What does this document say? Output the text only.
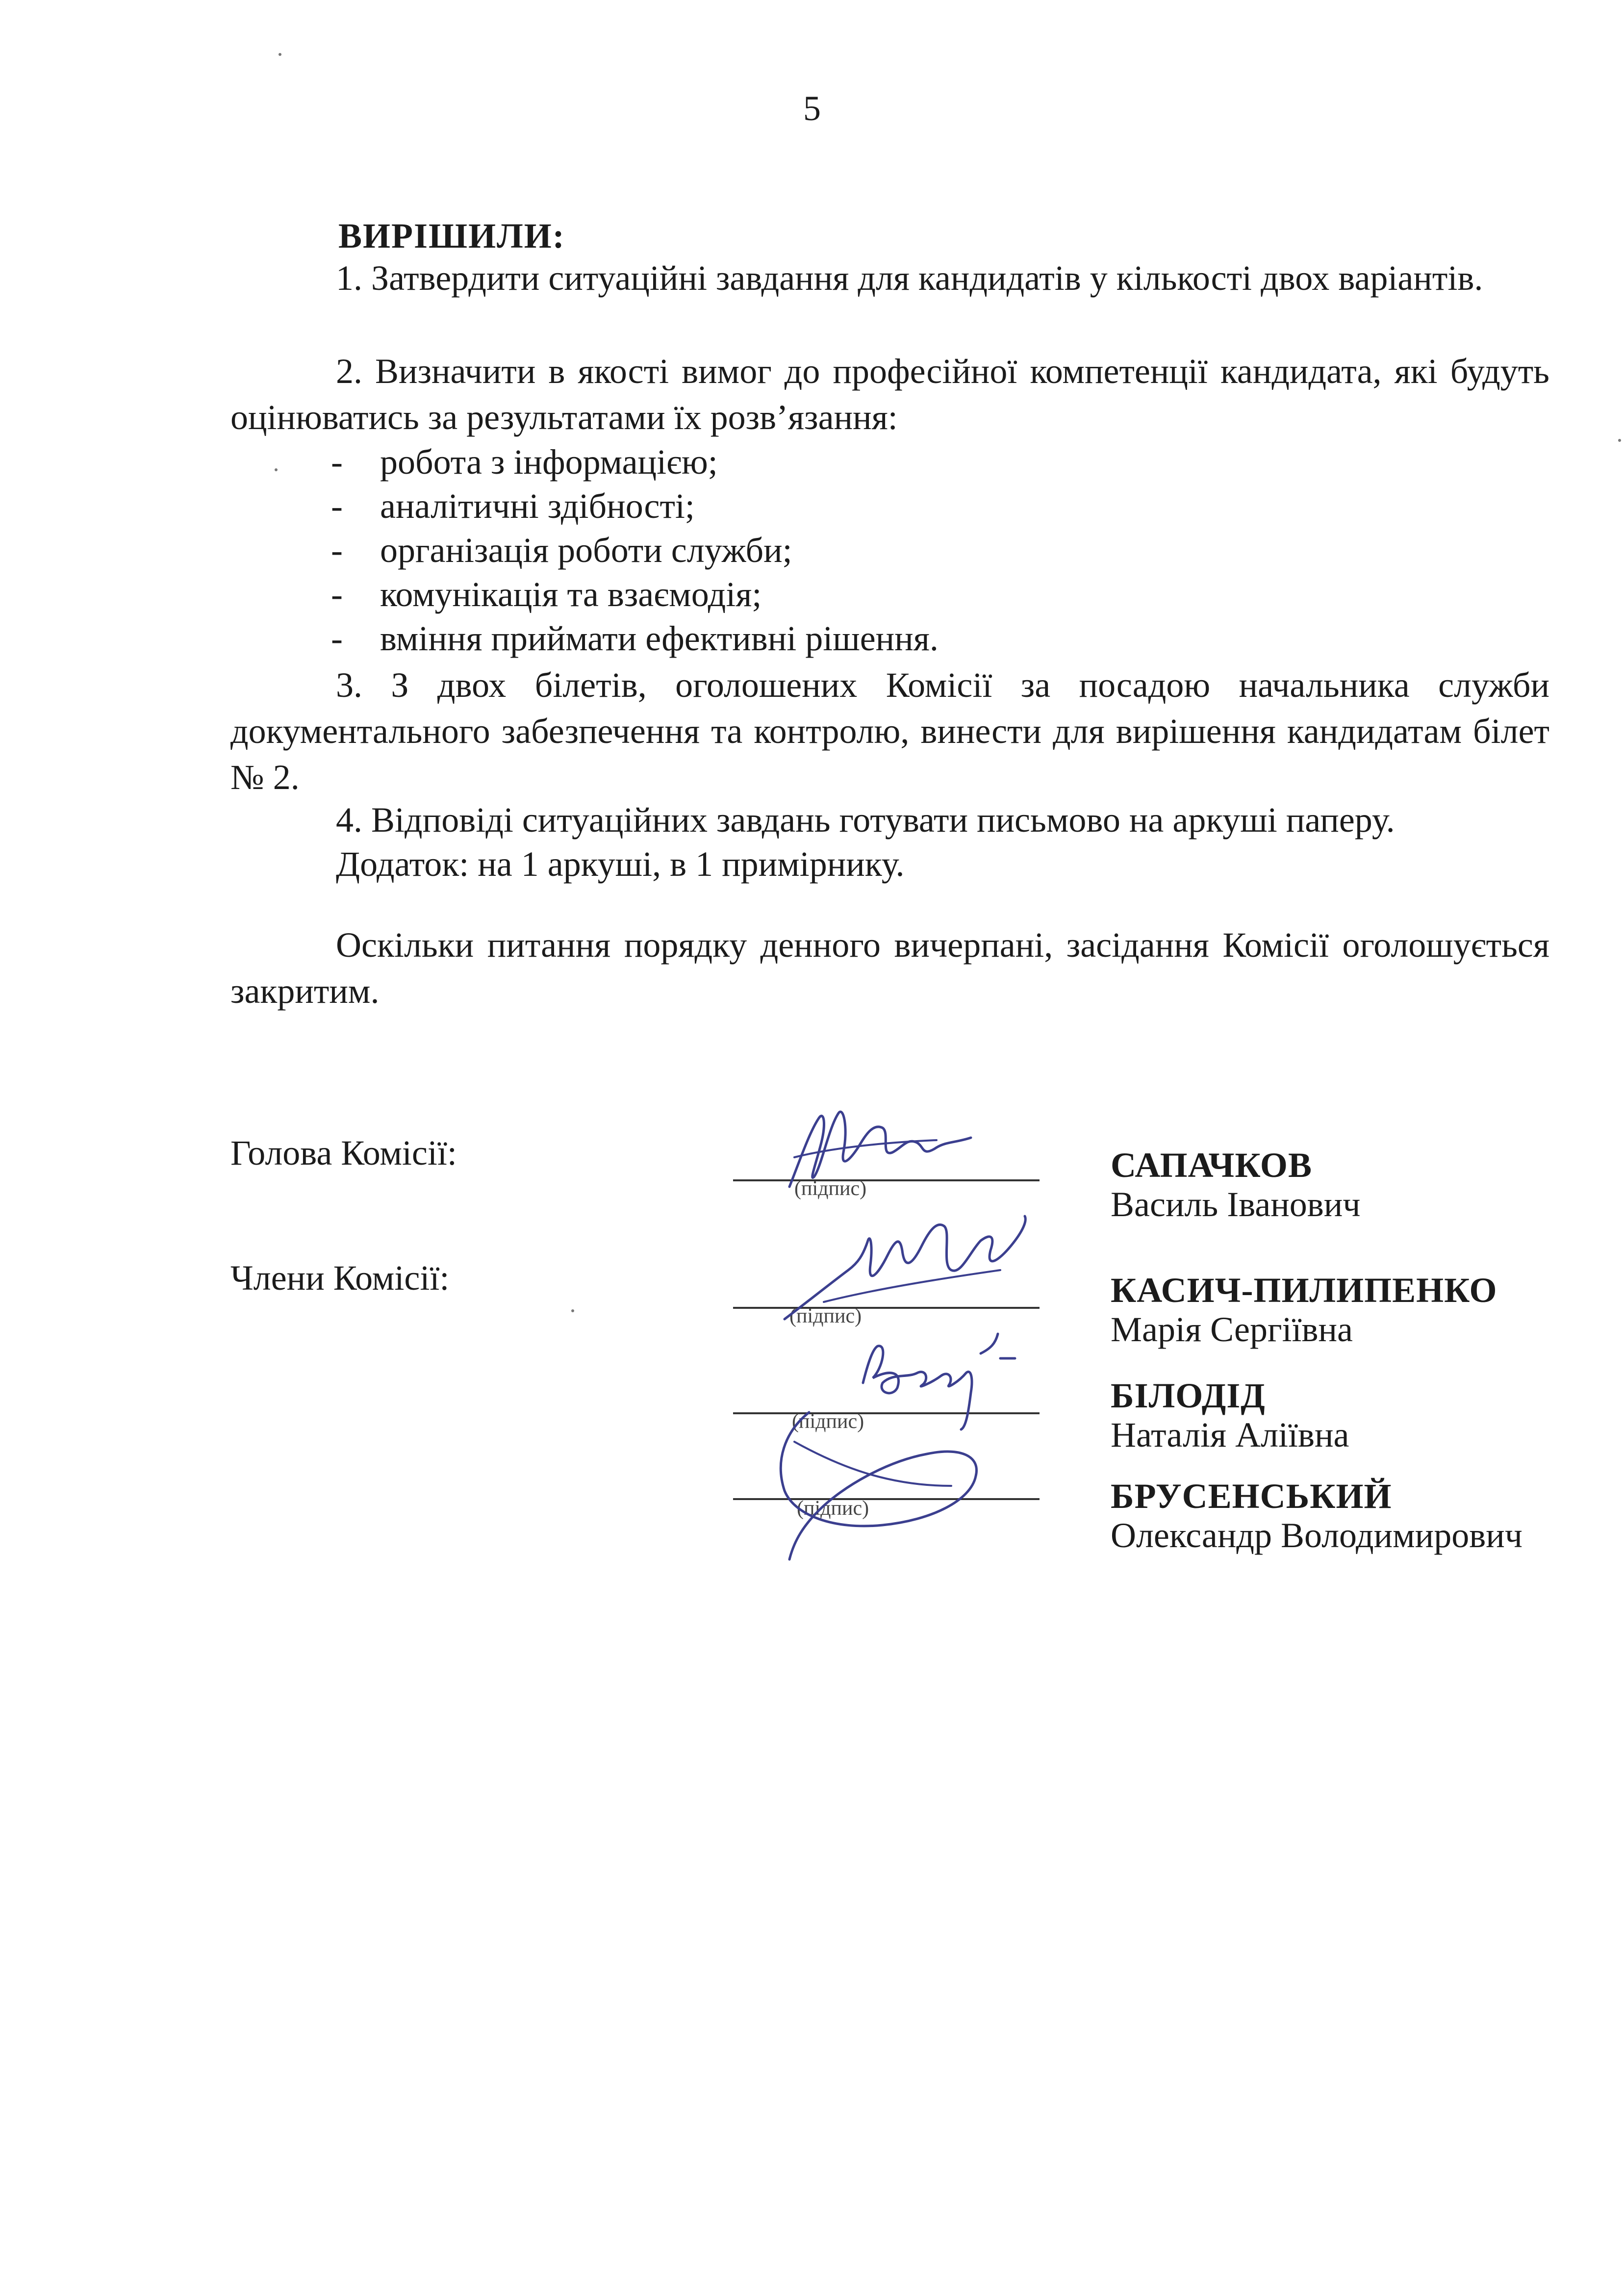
5
ВИРІШИЛИ:
1. Затвердити ситуаційні завдання для кандидатів у кількості двох варіантів.
2. Визначити в якості вимог до професійної компетенції кандидата, які будуть оцінюватись за результатами їх розв’язання:
- робота з інформацією;
- аналітичні здібності;
- організація роботи служби;
- комунікація та взаємодія;
- вміння приймати ефективні рішення.
3. З двох білетів, оголошених Комісії за посадою начальника служби документального забезпечення та контролю, винести для вирішення кандидатам білет № 2.
4. Відповіді ситуаційних завдань готувати письмово на аркуші паперу.
Додаток: на 1 аркуші, в 1 примірнику.
Оскільки питання порядку денного вичерпані, засідання Комісії оголошується закритим.
Голова Комісії:
Члени Комісії:
(підпис)
(підпис)
(підпис)
(підпис)
САПАЧКОВ
Василь Іванович
КАСИЧ-ПИЛИПЕНКО
Марія Сергіївна
БІЛОДІД
Наталія Аліївна
БРУСЕНСЬКИЙ
Олександр Володимирович
